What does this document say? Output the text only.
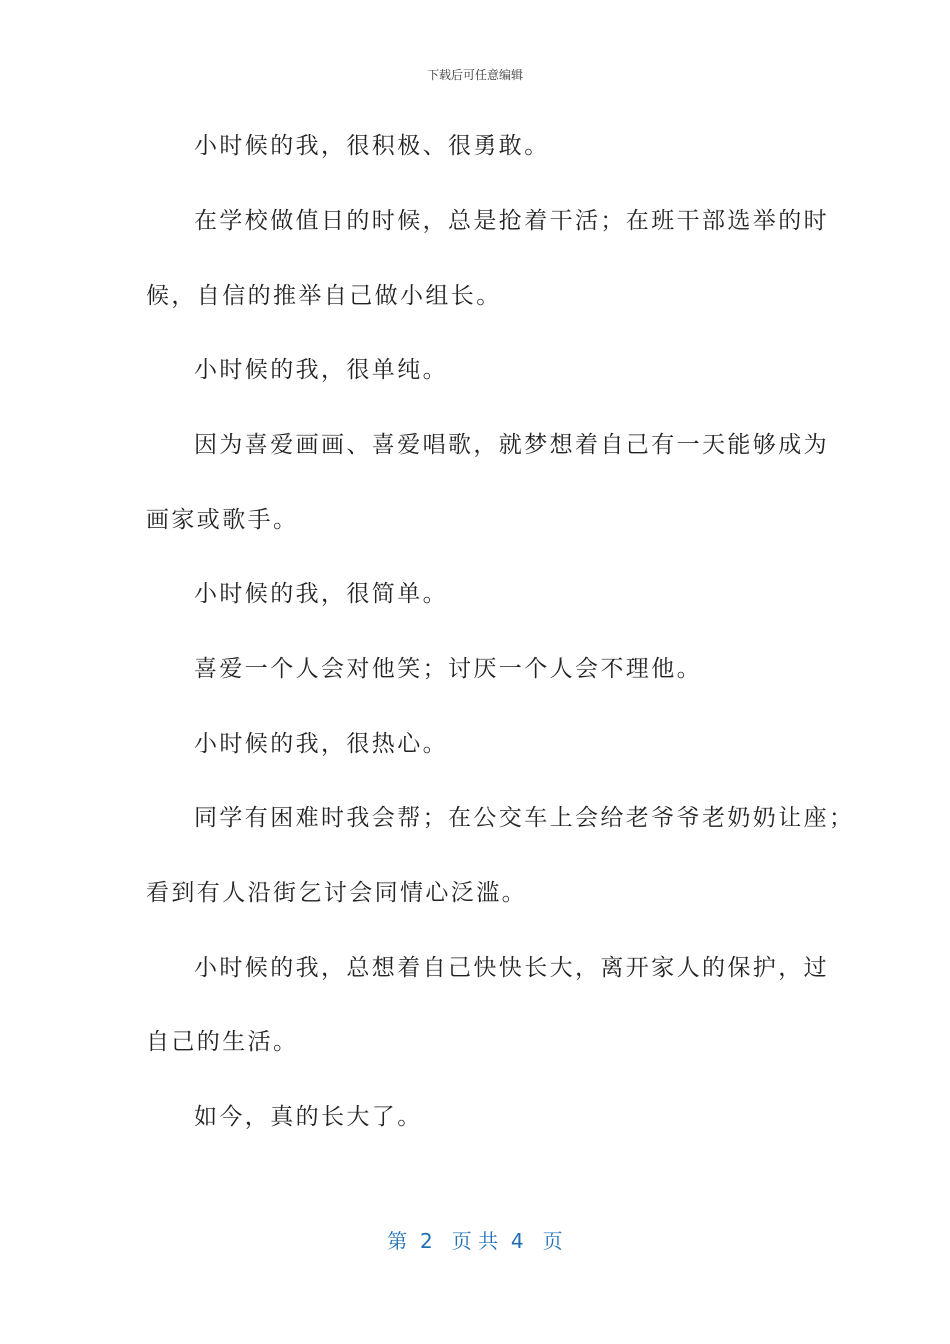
下载后可任意编辑
小时候的我，很积极、很勇敢。
在学校做值日的时候，总是抢着干活；在班干部选举的时
候，自信的推举自己做小组长。
小时候的我，很单纯。
因为喜爱画画、喜爱唱歌，就梦想着自己有一天能够成为
画家或歌手。
小时候的我，很简单。
喜爱一个人会对他笑；讨厌一个人会不理他。
小时候的我，很热心。
同学有困难时我会帮；在公交车上会给老爷爷老奶奶让座；
看到有人沿街乞讨会同情心泛滥。
小时候的我，总想着自己快快长大，离开家人的保护，过
自己的生活。
如今，真的长大了。
第  2   页 共  4   页
